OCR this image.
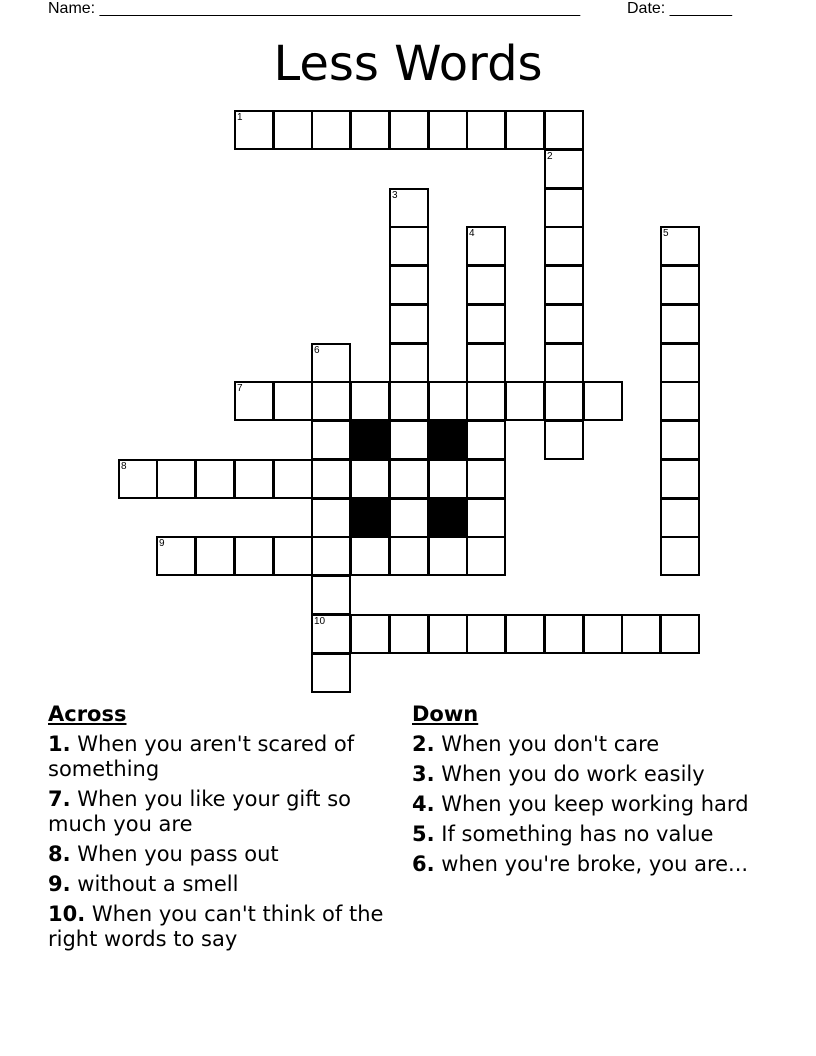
Name: ______________________________________________________	Date: _______
Less Words
1
2
3
4	5
6
7
8
9
10
Across
1. When you aren't scared of something
7. When you like your gift so much you are
8. When you pass out
9. without a smell
10. When you can't think of the right words to say
Down
2. When you don't care
3. When you do work easily
4. When you keep working hard
5. If something has no value
6. when you're broke, you are...
